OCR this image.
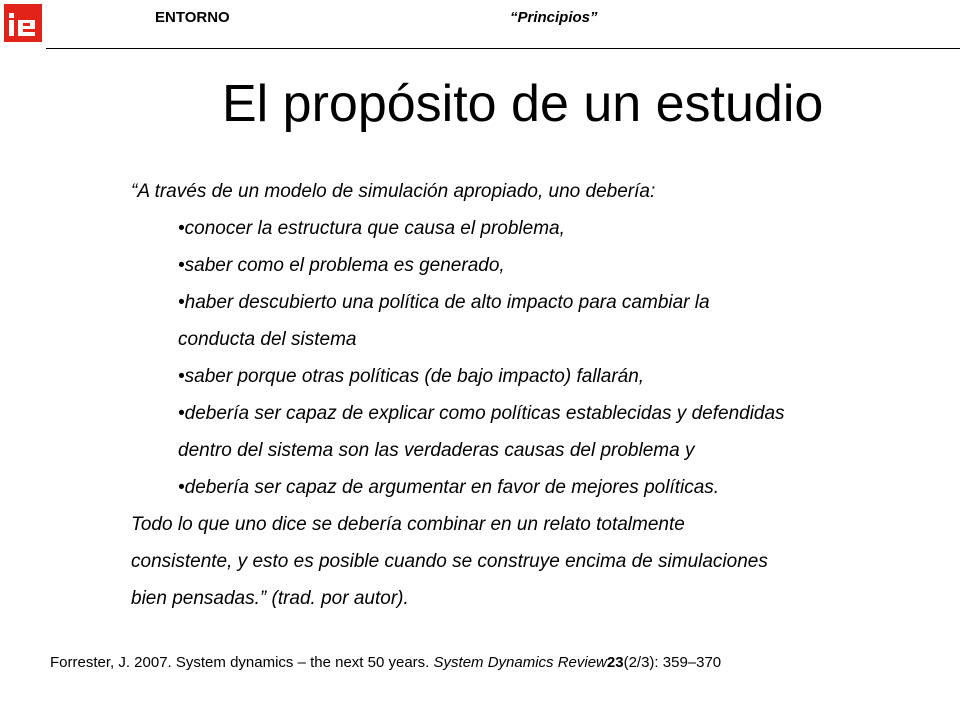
ENTORNO	“Principios”
El propósito de un estudio
“A través de un modelo de simulación apropiado, uno debería:
•conocer la estructura que causa el problema,
•saber como el problema es generado,
•haber descubierto una política de alto impacto para cambiar la
conducta del sistema
•saber porque otras políticas (de bajo impacto) fallarán,
•debería ser capaz de explicar como políticas establecidas y defendidas
dentro del sistema son las verdaderas causas del problema y
•debería ser capaz de argumentar en favor de mejores políticas.
Todo lo que uno dice se debería combinar en un relato totalmente
consistente, y esto es posible cuando se construye encima de simulaciones
bien pensadas.” (trad. por autor).
Forrester, J. 2007. System dynamics – the next 50 years. System Dynamics Review23(2/3): 359–370
